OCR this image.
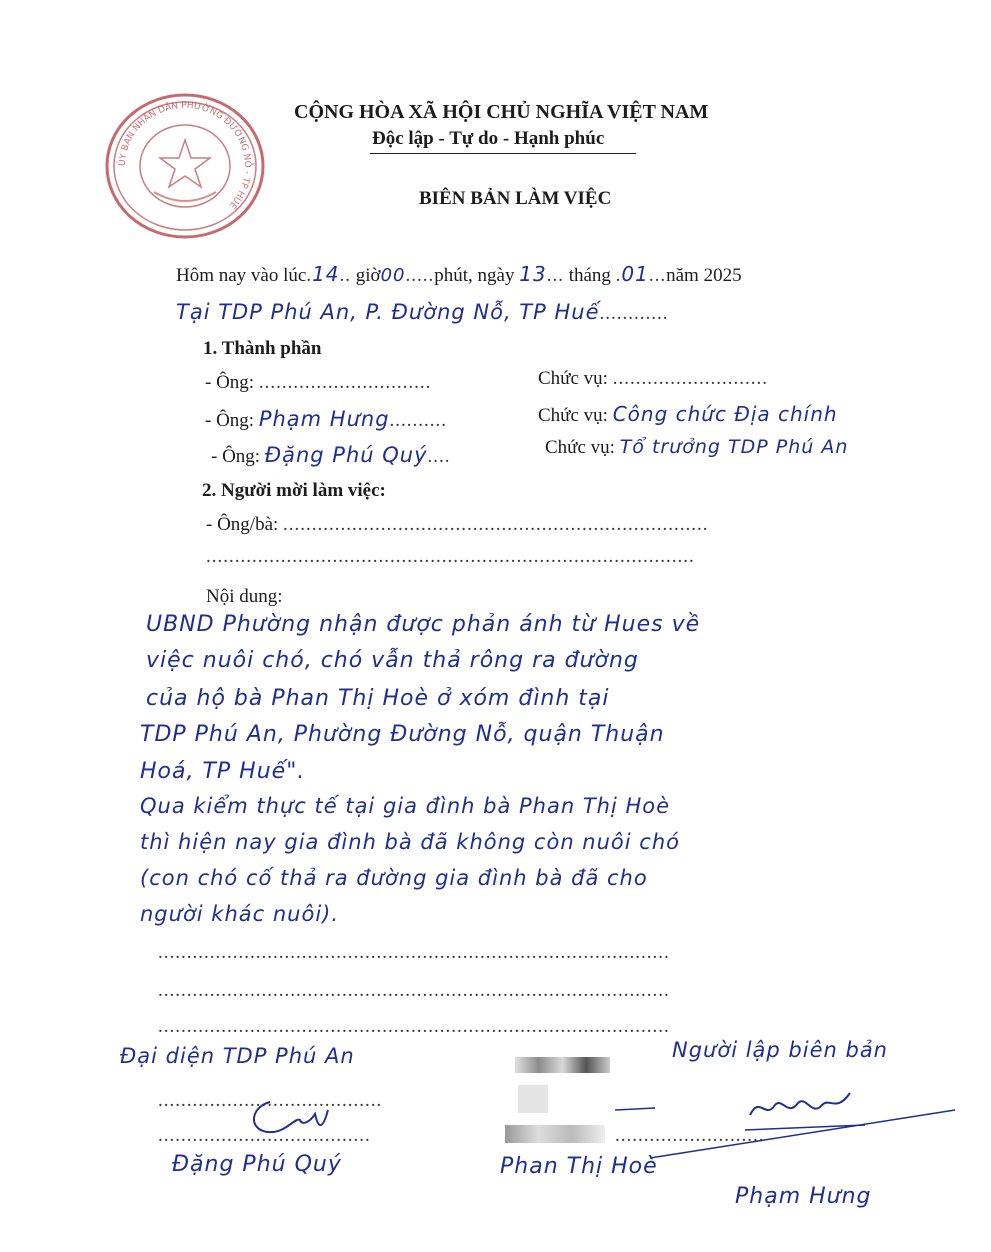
ỦY BAN NHÂN DÂN PHƯỜNG ĐƯỜNG NỖ - TP HUẾ
CỘNG HÒA XÃ HỘI CHỦ NGHĨA VIỆT NAM
Độc lập - Tự do - Hạnh phúc
BIÊN BẢN LÀM VIỆC
Hôm nay vào lúc.14.. giờ00.....phút, ngày 13... tháng .01...năm 2025
Tại TDP Phú An, P. Đường Nỗ, TP Huế............
1. Thành phần
- Ông: ..............................	Chức vụ: ...........................
- Ông: Phạm Hưng..........	Chức vụ: Công chức Địa chính
- Ông: Đặng Phú Quý....	Chức vụ: Tổ trưởng TDP Phú An
2. Người mời làm việc:
- Ông/bà: ..........................................................................
.....................................................................................
Nội dung:
UBND Phường nhận được phản ánh từ Hues về
việc nuôi chó, chó vẫn thả rông ra đường
của hộ bà Phan Thị Hoè ở xóm đình tại
TDP Phú An, Phường Đường Nỗ, quận Thuận
Hoá, TP Huế".
Qua kiểm thực tế tại gia đình bà Phan Thị Hoè
thì hiện nay gia đình bà đã không còn nuôi chó
(con chó cố thả ra đường gia đình bà đã cho
người khác nuôi).
.........................................................................................
.........................................................................................
.........................................................................................
Đại diện TDP Phú An	Người lập biên bản
.......................................
.....................................	..........................
Đặng Phú Quý	Phan Thị Hoè
Phạm Hưng
